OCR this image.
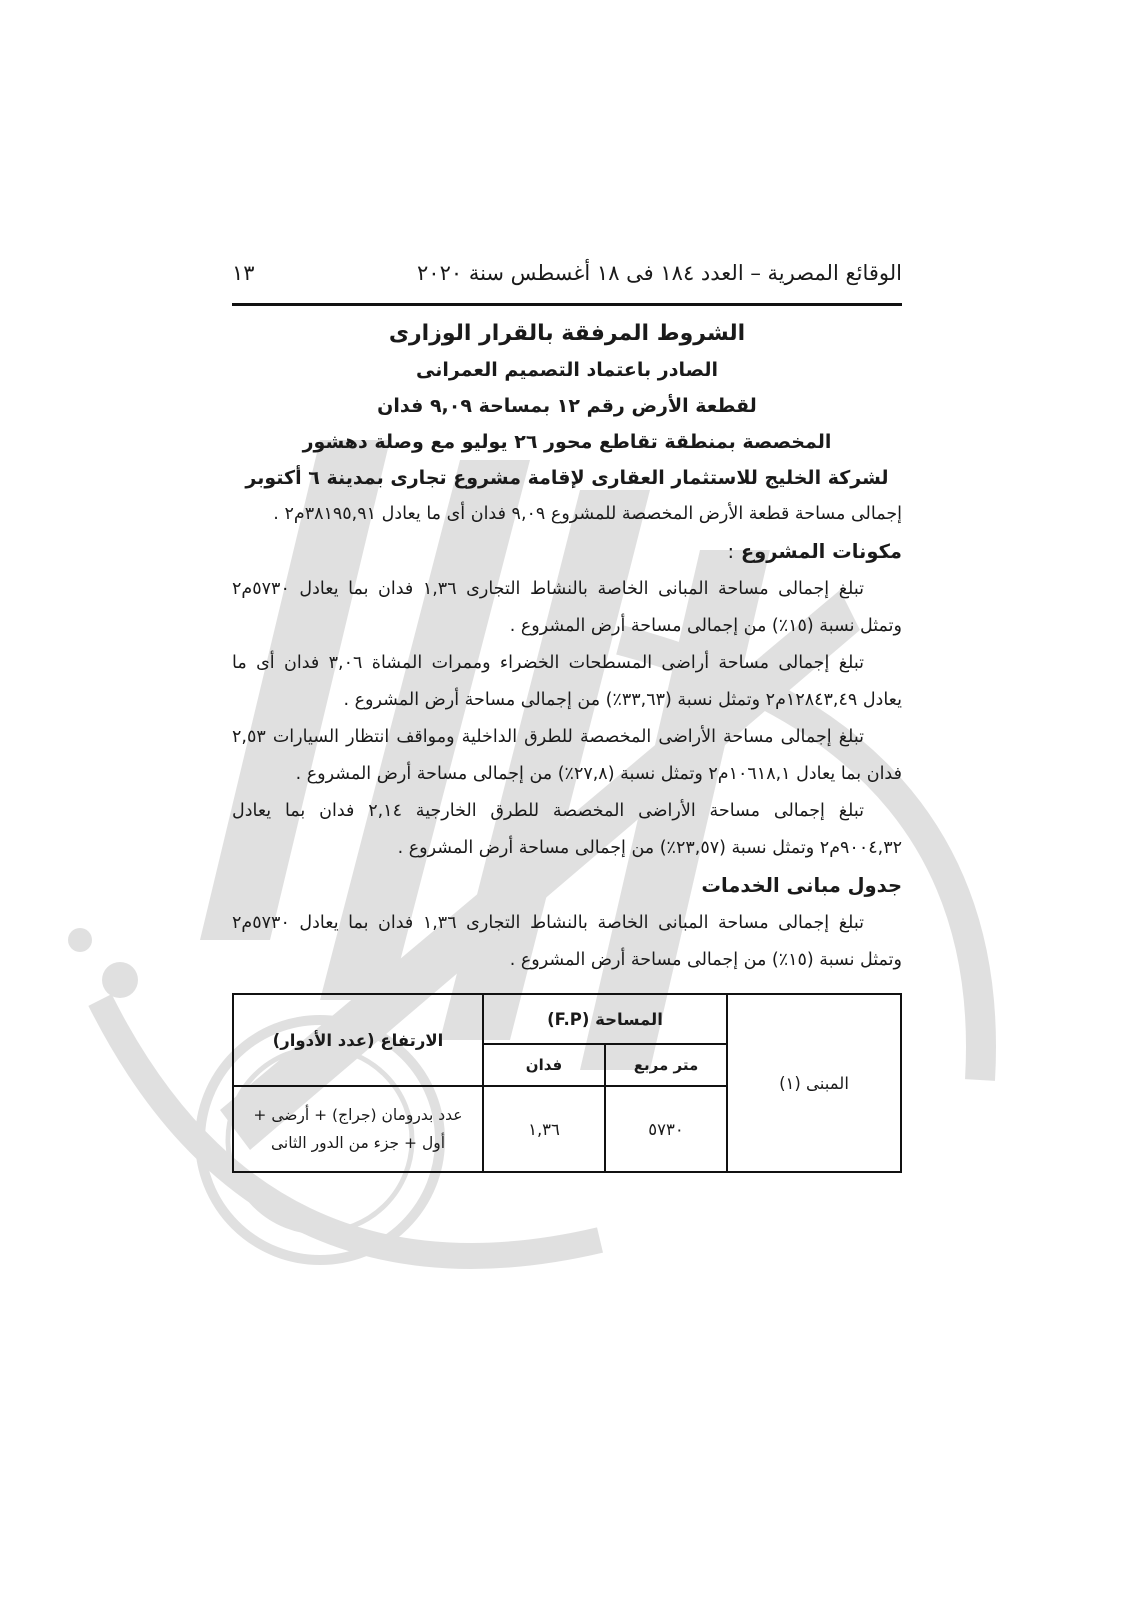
الوقائع المصرية – العدد ١٨٤ فى ١٨ أغسطس سنة ٢٠٢٠
١٣
الشروط المرفقة بالقرار الوزارى
الصادر باعتماد التصميم العمرانى
لقطعة الأرض رقم ١٢ بمساحة ٩,٠٩ فدان
المخصصة بمنطقة تقاطع محور ٢٦ يوليو مع وصلة دهشور
لشركة الخليج للاستثمار العقارى لإقامة مشروع تجارى بمدينة ٦ أكتوبر

إجمالى مساحة قطعة الأرض المخصصة للمشروع ٩,٠٩ فدان أى ما يعادل ٣٨١٩٥,٩١م٢ .

مكونات المشروع :

تبلغ إجمالى مساحة المبانى الخاصة بالنشاط التجارى ١,٣٦ فدان بما يعادل ٥٧٣٠م٢ وتمثل نسبة (١٥٪) من إجمالى مساحة أرض المشروع .

تبلغ إجمالى مساحة أراضى المسطحات الخضراء وممرات المشاة ٣,٠٦ فدان أى ما يعادل ١٢٨٤٣,٤٩م٢ وتمثل نسبة (٣٣,٦٣٪) من إجمالى مساحة أرض المشروع .

تبلغ إجمالى مساحة الأراضى المخصصة للطرق الداخلية ومواقف انتظار السيارات ٢,٥٣ فدان بما يعادل ١٠٦١٨,١م٢ وتمثل نسبة (٢٧,٨٪) من إجمالى مساحة أرض المشروع .

تبلغ إجمالى مساحة الأراضى المخصصة للطرق الخارجية ٢,١٤ فدان بما يعادل ٩٠٠٤,٣٢م٢ وتمثل نسبة (٢٣,٥٧٪) من إجمالى مساحة أرض المشروع .

جدول مبانى الخدمات

تبلغ إجمالى مساحة المبانى الخاصة بالنشاط التجارى ١,٣٦ فدان بما يعادل ٥٧٣٠م٢ وتمثل نسبة (١٥٪) من إجمالى مساحة أرض المشروع .

المبنى (١)	المساحة (F.P)		الارتفاع (عدد الأدوار)
	متر مربع	فدان	
	٥٧٣٠	١,٣٦	عدد بدرومان (جراج) + أرضى +
أول + جزء من الدور الثانى
